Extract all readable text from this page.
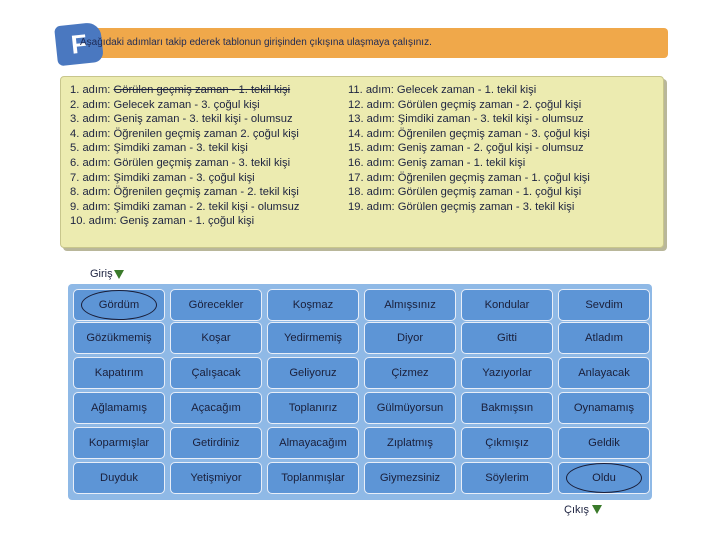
F
Aşağıdaki adımları takip ederek tablonun girişinden çıkışına ulaşmaya çalışınız.
1. adım: Görülen geçmiş zaman - 1. tekil kişi
2. adım: Gelecek zaman - 3. çoğul kişi
3. adım: Geniş zaman - 3. tekil kişi - olumsuz
4. adım: Öğrenilen geçmiş zaman 2. çoğul kişi
5. adım: Şimdiki zaman - 3. tekil kişi
6. adım: Görülen geçmiş zaman - 3. tekil kişi
7. adım: Şimdiki zaman - 3. çoğul kişi
8. adım: Öğrenilen geçmiş zaman - 2. tekil kişi
9. adım: Şimdiki zaman - 2. tekil kişi - olumsuz
10. adım: Geniş zaman - 1. çoğul kişi
11. adım: Gelecek zaman - 1. tekil kişi
12. adım: Görülen geçmiş zaman - 2. çoğul kişi
13. adım: Şimdiki zaman - 3. tekil kişi - olumsuz
14. adım: Öğrenilen geçmiş zaman - 3. çoğul kişi
15. adım: Geniş zaman - 2. çoğul kişi - olumsuz
16. adım: Geniş zaman - 1. tekil kişi
17. adım: Öğrenilen geçmiş zaman - 1. çoğul kişi
18. adım: Görülen geçmiş zaman - 1. çoğul kişi
19. adım: Görülen geçmiş zaman - 3. tekil kişi
Giriş
Gördüm	Görecekler	Koşmaz	Almışsınız	Kondular	Sevdim
Gözükmemiş	Koşar	Yedirmemiş	Diyor	Gitti	Atladım
Kapatırım	Çalışacak	Geliyoruz	Çizmez	Yazıyorlar	Anlayacak
Ağlamamış	Açacağım	Toplanırız	Gülmüyorsun	Bakmışsın	Oynamamış
Koparmışlar	Getirdiniz	Almayacağım	Zıplatmış	Çıkmışız	Geldik
Duyduk	Yetişmiyor	Toplanmışlar	Giymezsiniz	Söylerim	Oldu
Çıkış
